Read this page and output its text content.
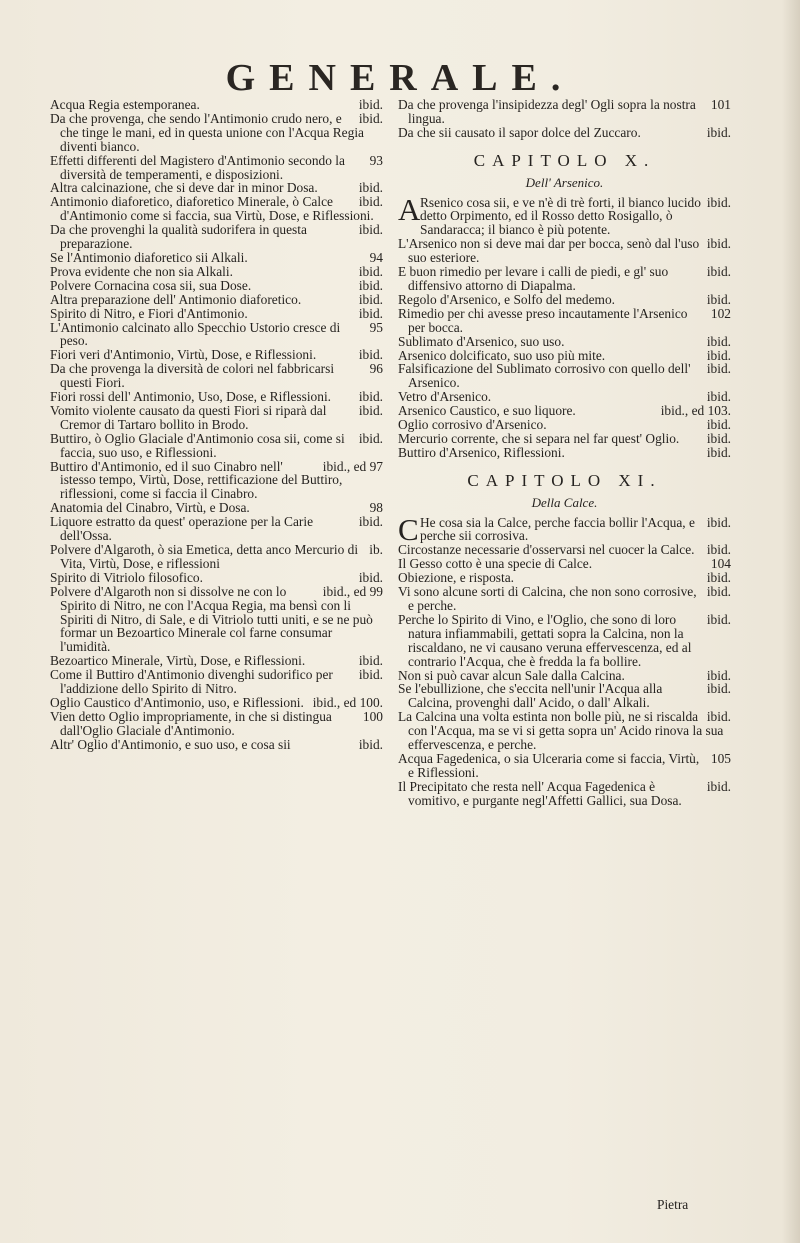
GENERALE.

ibid.
Acqua Regia estemporanea.

ibid.
Da che provenga, che sendo l'Antimonio crudo nero, e che tinge le mani, ed in questa unione con l'Acqua Regia diventi bianco.

93
Effetti differenti del Magistero d'Antimonio secondo la diversità de temperamenti, e disposizioni.

ibid.
Altra calcinazione, che si deve dar in minor Dosa.

ibid.
Antimonio diaforetico, diaforetico Minerale, ò Calce d'Antimonio come si faccia, sua Virtù, Dose, e Riflessioni.

ibid.
Da che provenghi la qualità sudorifera in questa preparazione.

94
Se l'Antimonio diaforetico sii Alkali.

ibid.
Prova evidente che non sia Alkali.

ibid.
Polvere Cornacina cosa sii, sua Dose.

ibid.
Altra preparazione dell' Antimonio diaforetico.

ibid.
Spirito di Nitro, e Fiori d'Antimonio.

95
L'Antimonio calcinato allo Specchio Ustorio cresce di peso.

ibid.
Fiori veri d'Antimonio, Virtù, Dose, e Riflessioni.

96
Da che provenga la diversità de colori nel fabbricarsi questi Fiori.

ibid.
Fiori rossi dell' Antimonio, Uso, Dose, e Riflessioni.

ibid.
Vomito violente causato da questi Fiori si riparà dal Cremor di Tartaro bollito in Brodo.

ibid.
Buttiro, ò Oglio Glaciale d'Antimonio cosa sii, come si faccia, suo uso, e Riflessioni.

ibid., ed 97
Buttiro d'Antimonio, ed il suo Cinabro nell' istesso tempo, Virtù, Dose, rettificazione del Buttiro, riflessioni, come si faccia il Cinabro.

98
Anatomia del Cinabro, Virtù, e Dosa.

ibid.
Liquore estratto da quest' operazione per la Carie dell'Ossa.

ib.
Polvere d'Algaroth, ò sia Emetica, detta anco Mercurio di Vita, Virtù, Dose, e riflessioni

ibid.
Spirito di Vitriolo filosofico.

ibid., ed 99
Polvere d'Algaroth non si dissolve ne con lo Spirito di Nitro, ne con l'Acqua Regia, ma bensì con li Spiriti di Nitro, di Sale, e di Vitriolo tutti uniti, e se ne può formar un Bezoartico Minerale col farne consumar l'umidità.

ibid.
Bezoartico Minerale, Virtù, Dose, e Riflessioni.

ibid.
Come il Buttiro d'Antimonio divenghi sudorifico per l'addizione dello Spirito di Nitro.

ibid., ed 100.
Oglio Caustico d'Antimonio, uso, e Riflessioni.

100
Vien detto Oglio impropriamente, in che si distingua dall'Oglio Glaciale d'Antimonio.

ibid.
Altr' Oglio d'Antimonio, e suo uso, e cosa sii

101
Da che provenga l'insipidezza degl' Ogli sopra la nostra lingua.

ibid.
Da che sii causato il sapor dolce del Zuccaro.

CAPITOLO X.
Dell' Arsenico.

ibid.
A Rsenico cosa sii, e ve n'è di trè forti, il bianco lucido detto Orpimento, ed il Rosso detto Rosigallo, ò Sandaracca; il bianco è più potente.

ibid.
L'Arsenico non si deve mai dar per bocca, senò dal l'uso suo esteriore.

ibid.
E buon rimedio per levare i calli de piedi, e gl' suo diffensivo attorno di Diapalma.

ibid.
Regolo d'Arsenico, e Solfo del medemo.

102
Rimedio per chi avesse preso incautamente l'Arsenico per bocca.

ibid.
Sublimato d'Arsenico, suo uso.

ibid.
Arsenico dolcificato, suo uso più mite.

ibid.
Falsificazione del Sublimato corrosivo con quello dell' Arsenico.

ibid.
Vetro d'Arsenico.

ibid., ed 103.
Arsenico Caustico, e suo liquore.

ibid.
Oglio corrosivo d'Arsenico.

ibid.
Mercurio corrente, che si separa nel far quest' Oglio.

ibid.
Buttiro d'Arsenico, Riflessioni.

CAPITOLO XI.
Della Calce.

ibid.
C He cosa sia la Calce, perche faccia bollir l'Acqua, e perche sii corrosiva.

ibid.
Circostanze necessarie d'osservarsi nel cuocer la Calce.

104
Il Gesso cotto è una specie di Calce.

ibid.
Obiezione, e risposta.

ibid.
Vi sono alcune sorti di Calcina, che non sono corrosive, e perche.

ibid.
Perche lo Spirito di Vino, e l'Oglio, che sono di loro natura infiammabili, gettati sopra la Calcina, non la riscaldano, ne vi causano veruna effervescenza, ed al contrario l'Acqua, che è fredda la fa bollire.

ibid.
Non si può cavar alcun Sale dalla Calcina.

ibid.
Se l'ebullizione, che s'eccita nell'unir l'Acqua alla Calcina, provenghi dall' Acido, o dall' Alkali.

ibid.
La Calcina una volta estinta non bolle più, ne si riscalda con l'Acqua, ma se vi si getta sopra un' Acido rinova la sua effervescenza, e perche.

105
Acqua Fagedenica, o sia Ulceraria come si faccia, Virtù, e Riflessioni.

ibid.
Il Precipitato che resta nell' Acqua Fagedenica è vomitivo, e purgante negl'Affetti Gallici, sua Dosa.

Pietra
